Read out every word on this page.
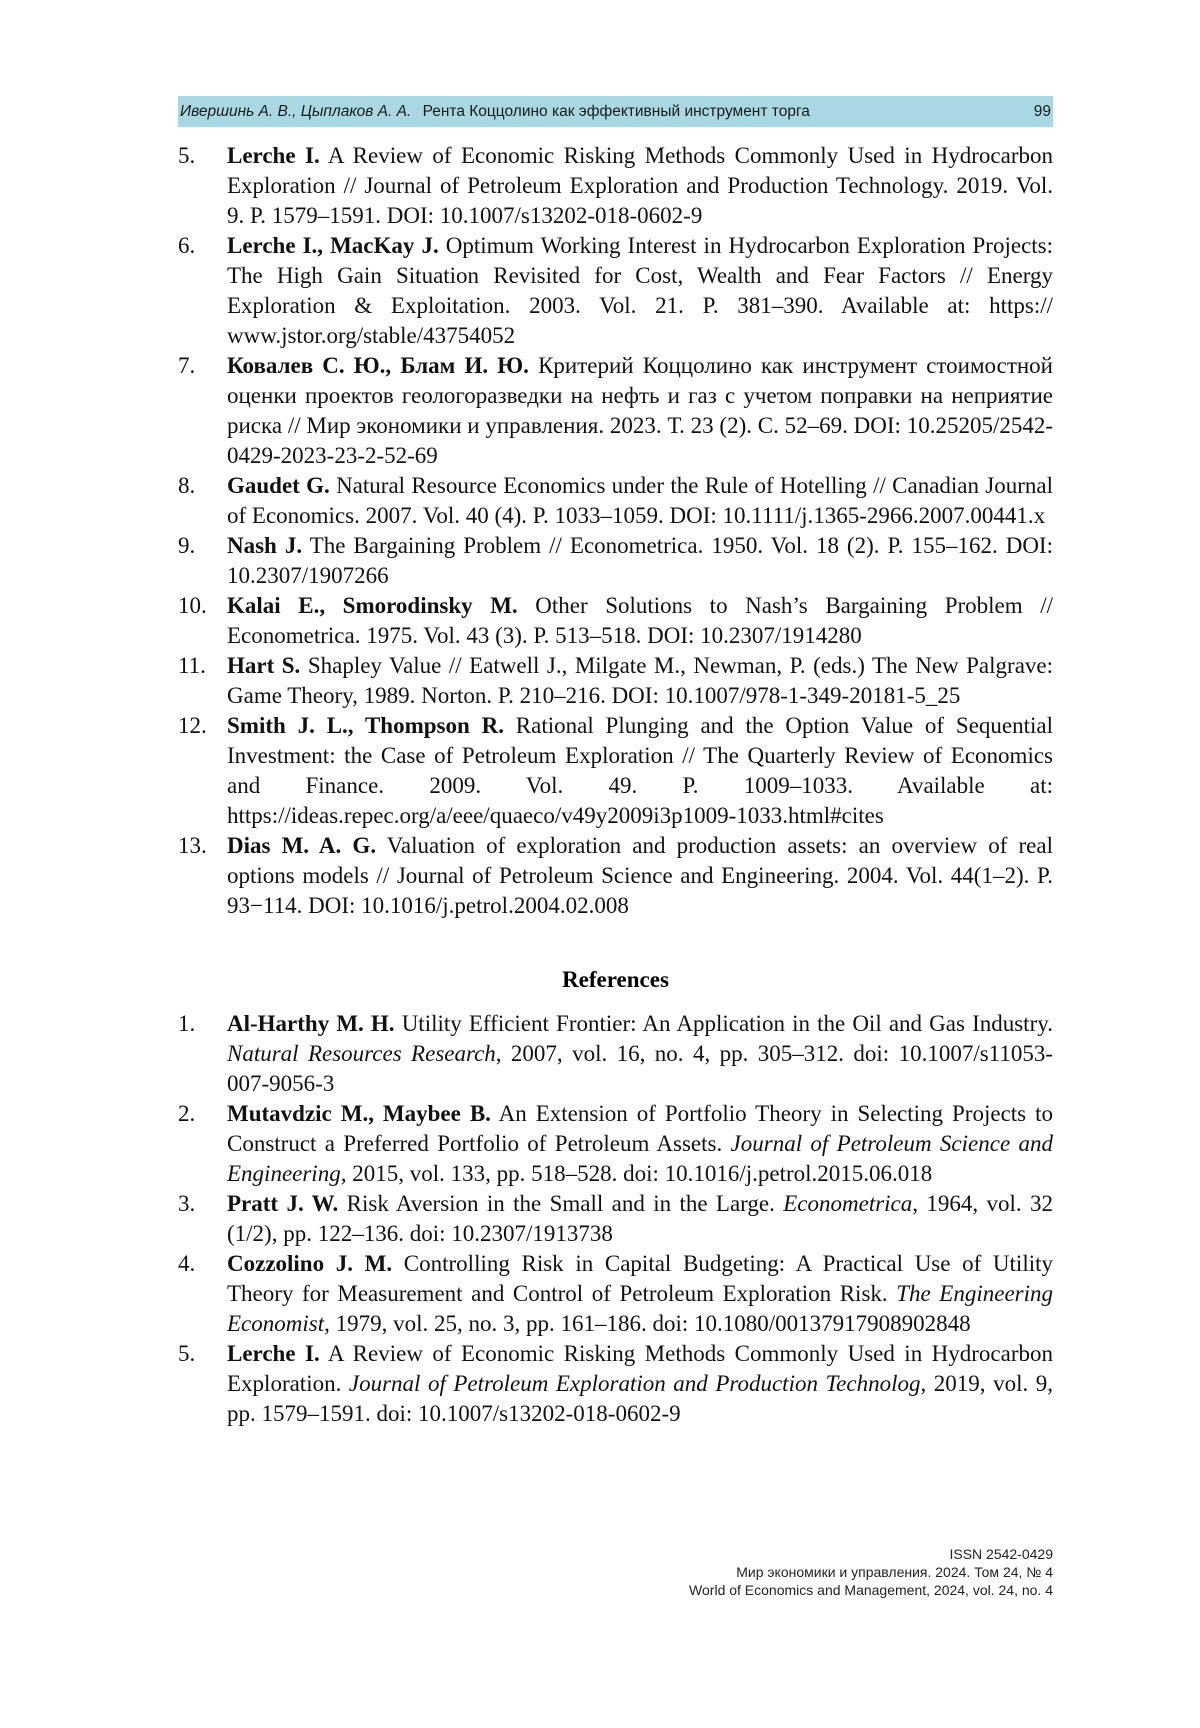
Ивершинь А. В., Цыплаков А. А. Рента Коццолино как эффективный инструмент торга	99
5. Lerche I. A Review of Economic Risking Methods Commonly Used in Hydrocarbon Exploration // Journal of Petroleum Exploration and Production Technology. 2019. Vol. 9. P. 1579–1591. DOI: 10.1007/s13202-018-0602-9
6. Lerche I., MacKay J. Optimum Working Interest in Hydrocarbon Exploration Projects: The High Gain Situation Revisited for Cost, Wealth and Fear Factors // Energy Exploration & Exploitation. 2003. Vol. 21. P. 381–390. Available at: https:// www.jstor.org/stable/43754052
7. Ковалев С. Ю., Блам И. Ю. Критерий Коццолино как инструмент стоимостной оценки проектов геологоразведки на нефть и газ с учетом поправки на неприятие риска // Мир экономики и управления. 2023. Т. 23 (2). С. 52–69. DOI: 10.25205/2542-0429-2023-23-2-52-69
8. Gaudet G. Natural Resource Economics under the Rule of Hotelling // Canadian Journal of Economics. 2007. Vol. 40 (4). P. 1033–1059. DOI: 10.1111/j.1365-2966.2007.00441.x
9. Nash J. The Bargaining Problem // Econometrica. 1950. Vol. 18 (2). P. 155–162. DOI: 10.2307/1907266
10. Kalai E., Smorodinsky M. Other Solutions to Nash’s Bargaining Problem // Econometrica. 1975. Vol. 43 (3). P. 513–518. DOI: 10.2307/1914280
11. Hart S. Shapley Value // Eatwell J., Milgate M., Newman, P. (eds.) The New Palgrave: Game Theory, 1989. Norton. P. 210–216. DOI: 10.1007/978-1-349-20181-5_25
12. Smith J. L., Thompson R. Rational Plunging and the Option Value of Sequential Investment: the Case of Petroleum Exploration // The Quarterly Review of Economics and Finance. 2009. Vol. 49. P. 1009–1033. Available at: https://ideas.repec.org/a/eee/quaeco/v49y2009i3p1009-1033.html#cites
13. Dias M. A. G. Valuation of exploration and production assets: an overview of real options models // Journal of Petroleum Science and Engineering. 2004. Vol. 44(1–2). P. 93−114. DOI: 10.1016/j.petrol.2004.02.008
References
1. Al-Harthy M. H. Utility Efficient Frontier: An Application in the Oil and Gas Industry. Natural Resources Research, 2007, vol. 16, no. 4, pp. 305–312. doi: 10.1007/s11053-007-9056-3
2. Mutavdzic M., Maybee B. An Extension of Portfolio Theory in Selecting Projects to Construct a Preferred Portfolio of Petroleum Assets. Journal of Petroleum Science and Engineering, 2015, vol. 133, pp. 518–528. doi: 10.1016/j.petrol.2015.06.018
3. Pratt J. W. Risk Aversion in the Small and in the Large. Econometrica, 1964, vol. 32 (1/2), pp. 122–136. doi: 10.2307/1913738
4. Cozzolino J. M. Controlling Risk in Capital Budgeting: A Practical Use of Utility Theory for Measurement and Control of Petroleum Exploration Risk. The Engineering Economist, 1979, vol. 25, no. 3, pp. 161–186. doi: 10.1080/00137917908902848
5. Lerche I. A Review of Economic Risking Methods Commonly Used in Hydrocarbon Exploration. Journal of Petroleum Exploration and Production Technolog, 2019, vol. 9, pp. 1579–1591. doi: 10.1007/s13202-018-0602-9
ISSN 2542-0429
Мир экономики и управления. 2024. Том 24, № 4
World of Economics and Management, 2024, vol. 24, no. 4
